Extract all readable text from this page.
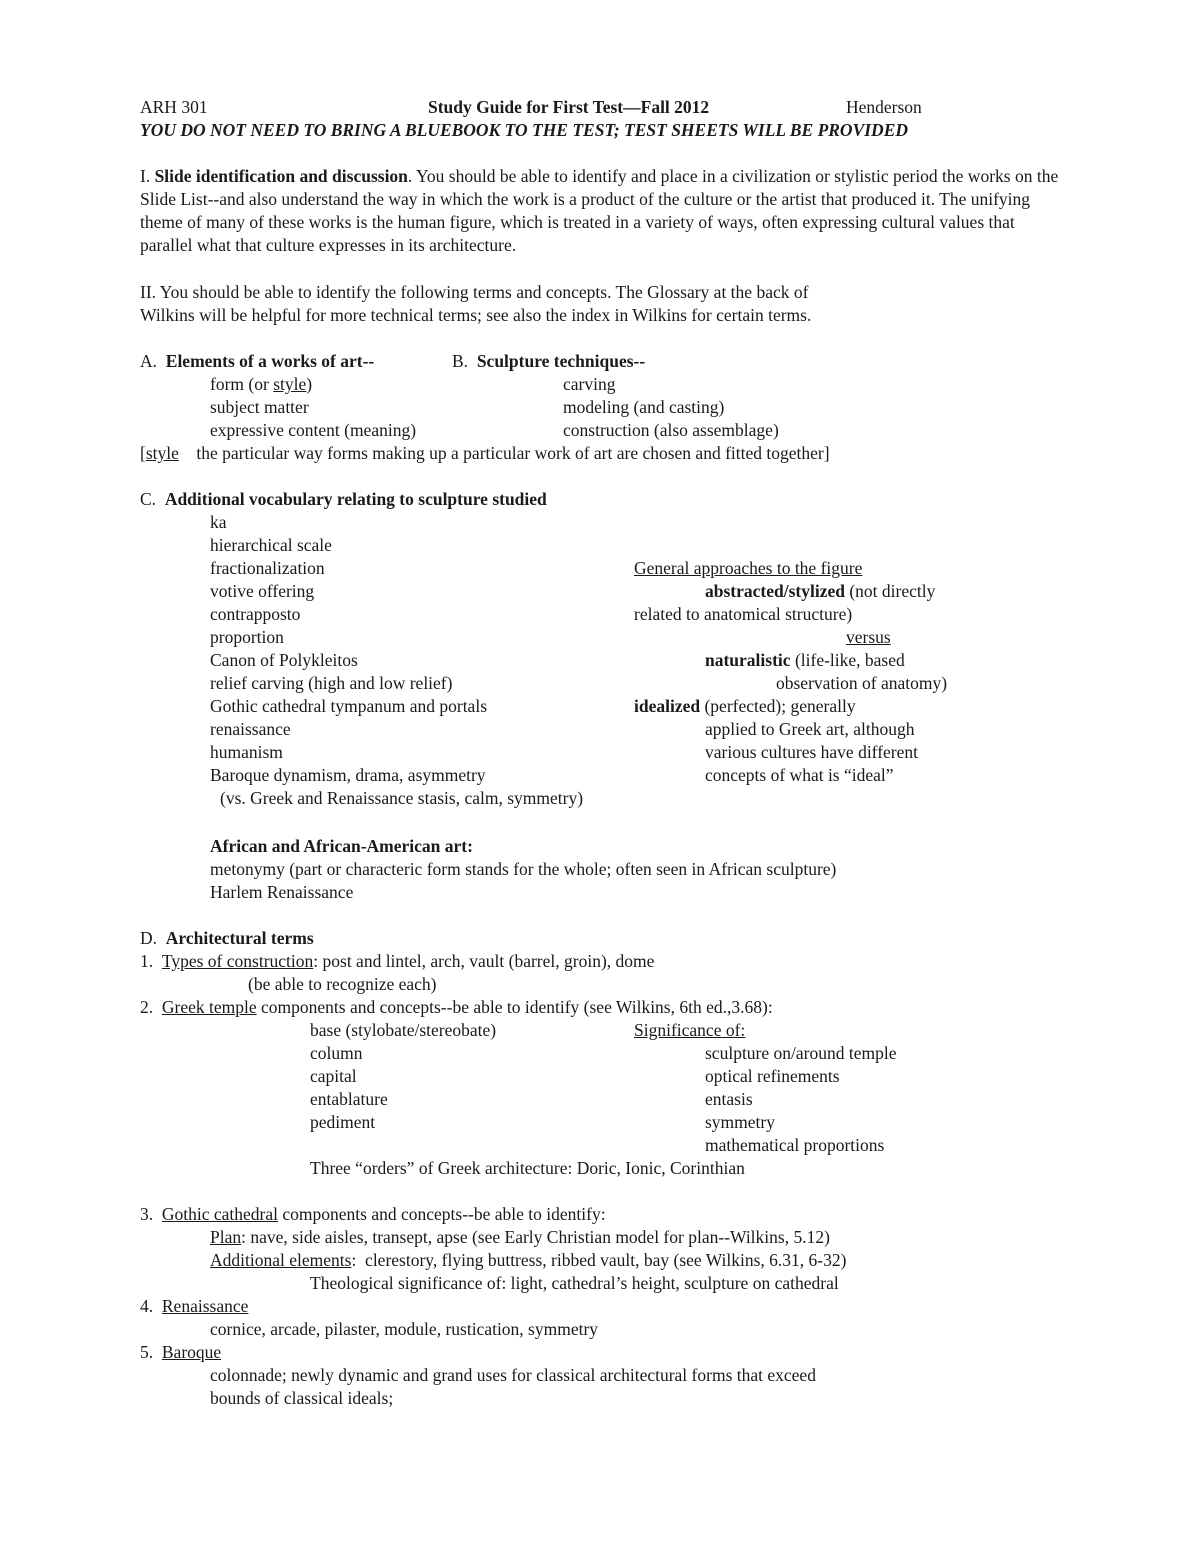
ARH 301	Study Guide for First Test—Fall 2012	Henderson
YOU DO NOT NEED TO BRING A BLUEBOOK TO THE TEST; TEST SHEETS WILL BE PROVIDED
I. Slide identification and discussion. You should be able to identify and place in a civilization or stylistic period the works on the Slide List--and also understand the way in which the work is a product of the culture or the artist that produced it. The unifying theme of many of these works is the human figure, which is treated in a variety of ways, often expressing cultural values that parallel what that culture expresses in its architecture.
II. You should be able to identify the following terms and concepts. The Glossary at the back of
Wilkins will be helpful for more technical terms; see also the index in Wilkins for certain terms.
A. Elements of a works of art--
form (or style)
subject matter
expressive content (meaning)
B. Sculpture techniques--
carving
modeling (and casting)
construction (also assemblage)
[style    the particular way forms making up a particular work of art are chosen and fitted together]
C. Additional vocabulary relating to sculpture studied
ka
hierarchical scale
fractionalization
votive offering
contrapposto
proportion
Canon of Polykleitos
relief carving (high and low relief)
Gothic cathedral tympanum and portals
renaissance
humanism
Baroque dynamism, drama, asymmetry
(vs. Greek and Renaissance stasis, calm, symmetry)
General approaches to the figure
abstracted/stylized (not directly
related to anatomical structure)
versus
naturalistic (life-like, based
observation of anatomy)
idealized (perfected); generally
applied to Greek art, although
various cultures have different
concepts of what is “ideal”
African and African-American art:
metonymy (part or characteric form stands for the whole; often seen in African sculpture)
Harlem Renaissance
D. Architectural terms
1. Types of construction: post and lintel, arch, vault (barrel, groin), dome
(be able to recognize each)
2. Greek temple components and concepts--be able to identify (see Wilkins, 6th ed.,3.68):
base (stylobate/stereobate)
column
capital
entablature
pediment
Significance of:
sculpture on/around temple
optical refinements
entasis
symmetry
mathematical proportions
Three “orders” of Greek architecture: Doric, Ionic, Corinthian
3. Gothic cathedral components and concepts--be able to identify:
Plan: nave, side aisles, transept, apse (see Early Christian model for plan--Wilkins, 5.12)
Additional elements:  clerestory, flying buttress, ribbed vault, bay (see Wilkins, 6.31, 6-32)
Theological significance of: light, cathedral’s height, sculpture on cathedral
4. Renaissance
cornice, arcade, pilaster, module, rustication, symmetry
5. Baroque
colonnade; newly dynamic and grand uses for classical architectural forms that exceed
bounds of classical ideals;
